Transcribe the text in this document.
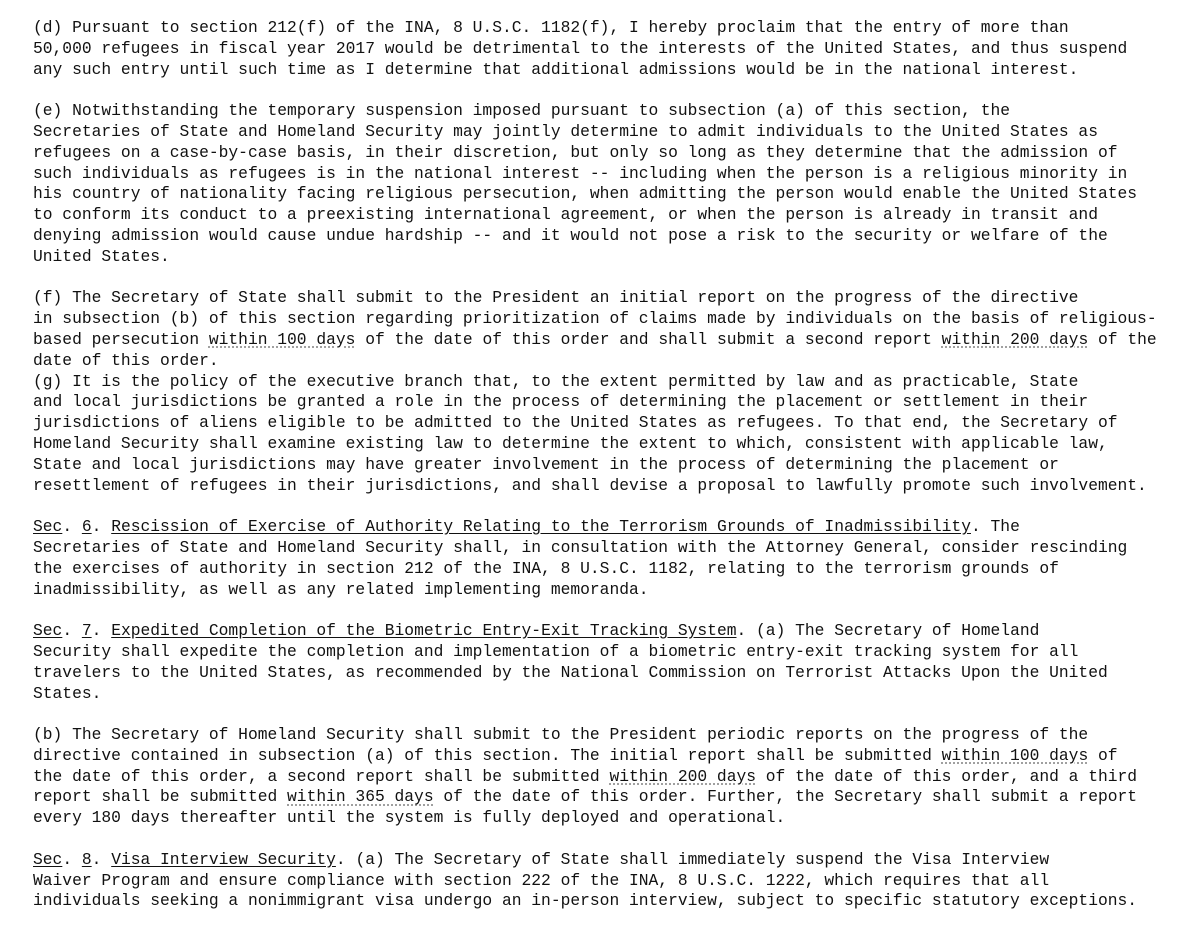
(d) Pursuant to section 212(f) of the INA, 8 U.S.C. 1182(f), I hereby proclaim that the entry of more than
50,000 refugees in fiscal year 2017 would be detrimental to the interests of the United States, and thus suspend
any such entry until such time as I determine that additional admissions would be in the national interest.

(e) Notwithstanding the temporary suspension imposed pursuant to subsection (a) of this section, the
Secretaries of State and Homeland Security may jointly determine to admit individuals to the United States as
refugees on a case-by-case basis, in their discretion, but only so long as they determine that the admission of
such individuals as refugees is in the national interest -- including when the person is a religious minority in
his country of nationality facing religious persecution, when admitting the person would enable the United States
to conform its conduct to a preexisting international agreement, or when the person is already in transit and
denying admission would cause undue hardship -- and it would not pose a risk to the security or welfare of the
United States.

(f) The Secretary of State shall submit to the President an initial report on the progress of the directive
in subsection (b) of this section regarding prioritization of claims made by individuals on the basis of religious-
based persecution within 100 days of the date of this order and shall submit a second report within 200 days of the
date of this order.

(g) It is the policy of the executive branch that, to the extent permitted by law and as practicable, State
and local jurisdictions be granted a role in the process of determining the placement or settlement in their
jurisdictions of aliens eligible to be admitted to the United States as refugees. To that end, the Secretary of
Homeland Security shall examine existing law to determine the extent to which, consistent with applicable law,
State and local jurisdictions may have greater involvement in the process of determining the placement or
resettlement of refugees in their jurisdictions, and shall devise a proposal to lawfully promote such involvement.

Sec. 6. Rescission of Exercise of Authority Relating to the Terrorism Grounds of Inadmissibility. The
Secretaries of State and Homeland Security shall, in consultation with the Attorney General, consider rescinding
the exercises of authority in section 212 of the INA, 8 U.S.C. 1182, relating to the terrorism grounds of
inadmissibility, as well as any related implementing memoranda.

Sec. 7. Expedited Completion of the Biometric Entry-Exit Tracking System. (a) The Secretary of Homeland
Security shall expedite the completion and implementation of a biometric entry-exit tracking system for all
travelers to the United States, as recommended by the National Commission on Terrorist Attacks Upon the United
States.

(b) The Secretary of Homeland Security shall submit to the President periodic reports on the progress of the
directive contained in subsection (a) of this section. The initial report shall be submitted within 100 days of
the date of this order, a second report shall be submitted within 200 days of the date of this order, and a third
report shall be submitted within 365 days of the date of this order. Further, the Secretary shall submit a report
every 180 days thereafter until the system is fully deployed and operational.

Sec. 8. Visa Interview Security. (a) The Secretary of State shall immediately suspend the Visa Interview
Waiver Program and ensure compliance with section 222 of the INA, 8 U.S.C. 1222, which requires that all
individuals seeking a nonimmigrant visa undergo an in-person interview, subject to specific statutory exceptions.
